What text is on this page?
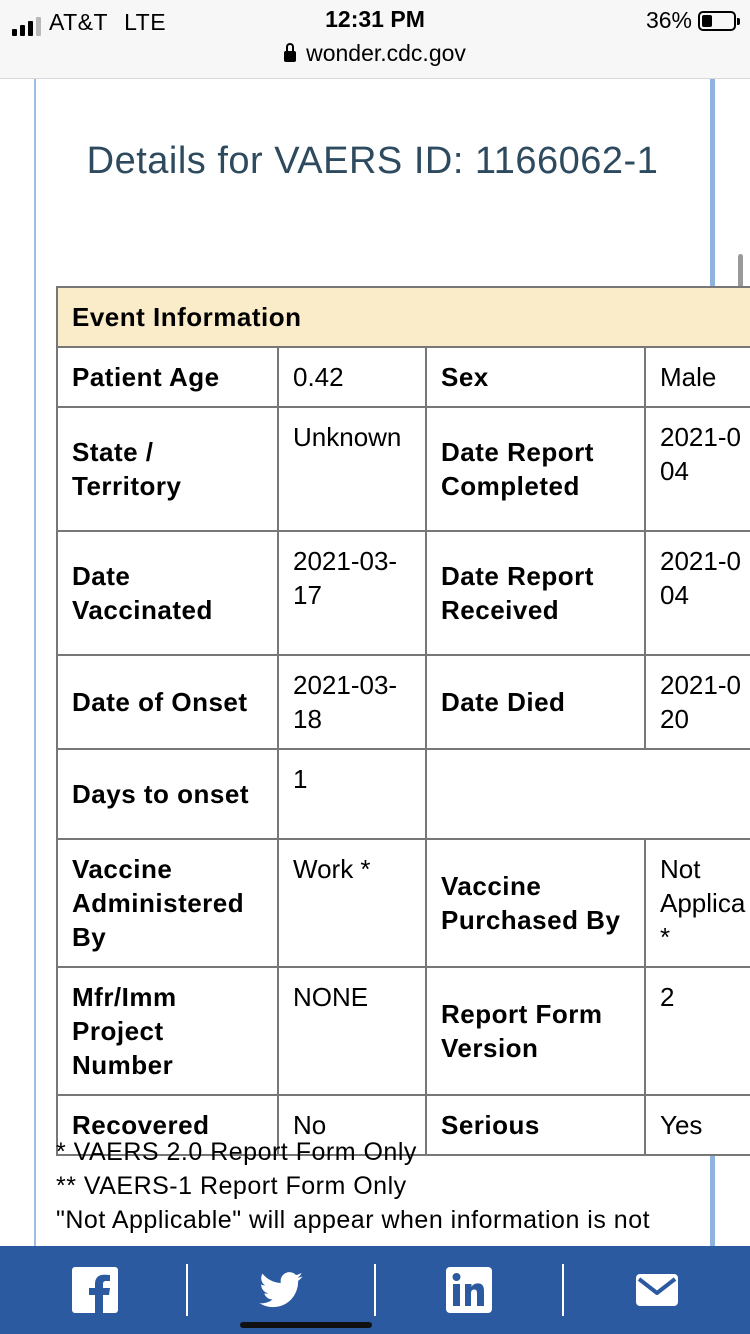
AT&T LTE	12:31 PM	36%
wonder.cdc.gov
Details for VAERS ID: 1166062-1
Event Information			
Patient Age	0.42	Sex	Male
State / Territory	Unknown	Date Report Completed	2021-0 04
Date Vaccinated	2021-03-17	Date Report Received	2021-0 04
Date of Onset	2021-03-18	Date Died	2021-0 20
Days to onset	1		
Vaccine Administered By	Work *	Vaccine Purchased By	Not Applica *
Mfr/Imm Project Number	NONE	Report Form Version	2
Recovered	No	Serious	Yes
* VAERS 2.0 Report Form Only
** VAERS-1 Report Form Only
"Not Applicable" will appear when information is not
